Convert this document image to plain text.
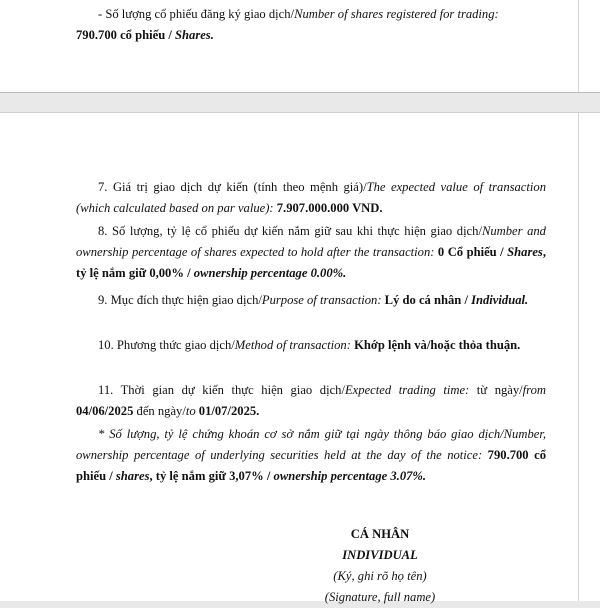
- Số lượng cổ phiếu đăng ký giao dịch/Number of shares registered for trading:

790.700 cổ phiếu / Shares.

7. Giá trị giao dịch dự kiến (tính theo mệnh giá)/The expected value of transaction (which calculated based on par value): 7.907.000.000 VND.

8. Số lượng, tỷ lệ cổ phiếu dự kiến nắm giữ sau khi thực hiện giao dịch/Number and ownership percentage of shares expected to hold after the transaction: 0 Cổ phiếu / Shares, tỷ lệ nắm giữ 0,00% / ownership percentage 0.00%.

9. Mục đích thực hiện giao dịch/Purpose of transaction: Lý do cá nhân / Individual.

10. Phương thức giao dịch/Method of transaction: Khớp lệnh và/hoặc thỏa thuận.

11. Thời gian dự kiến thực hiện giao dịch/Expected trading time: từ ngày/from 04/06/2025 đến ngày/to 01/07/2025.

* Số lượng, tỷ lệ chứng khoán cơ sở nắm giữ tại ngày thông báo giao dịch/Number, ownership percentage of underlying securities held at the day of the notice: 790.700 cổ phiếu / shares, tỷ lệ nắm giữ 3,07% / ownership percentage 3.07%.

CÁ NHÂN
INDIVIDUAL
(Ký, ghi rõ họ tên)
(Signature, full name)
